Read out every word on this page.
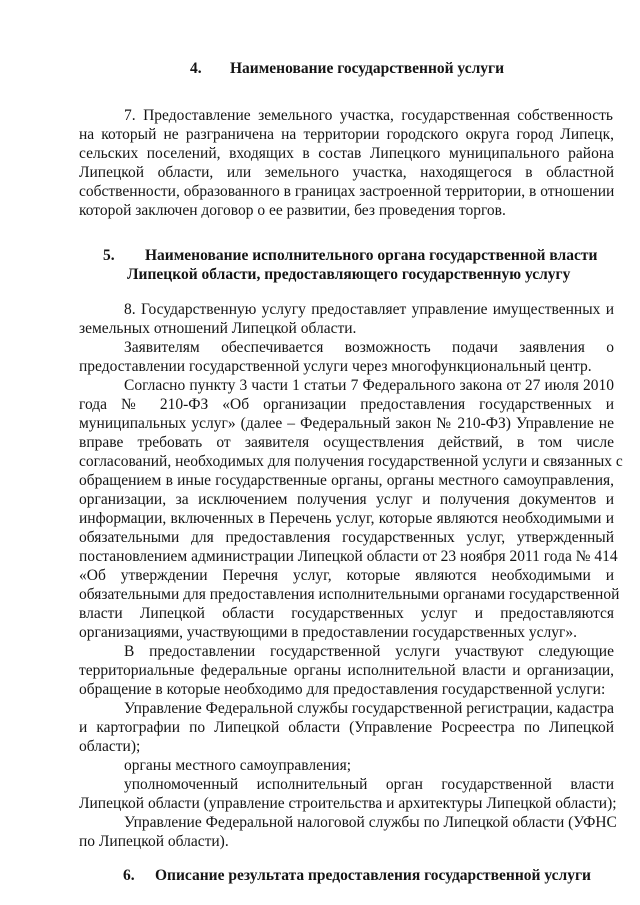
4. Наименование государственной услуги
7. Предоставление земельного участка, государственная собственность
на который не разграничена на территории городского округа город Липецк,
сельских поселений, входящих в состав Липецкого муниципального района
Липецкой области, или земельного участка, находящегося в областной
собственности, образованного в границах застроенной территории, в отношении
которой заключен договор о ее развитии, без проведения торгов.
5. Наименование исполнительного органа государственной власти
Липецкой области, предоставляющего государственную услугу
8. Государственную услугу предоставляет управление имущественных и
земельных отношений Липецкой области.
Заявителям обеспечивается возможность подачи заявления о
предоставлении государственной услуги через многофункциональный центр.
Согласно пункту 3 части 1 статьи 7 Федерального закона от 27 июля 2010
года № 210-ФЗ «Об организации предоставления государственных и
муниципальных услуг» (далее – Федеральный закон № 210-ФЗ) Управление не
вправе требовать от заявителя осуществления действий, в том числе
согласований, необходимых для получения государственной услуги и связанных с
обращением в иные государственные органы, органы местного самоуправления,
организации, за исключением получения услуг и получения документов и
информации, включенных в Перечень услуг, которые являются необходимыми и
обязательными для предоставления государственных услуг, утвержденный
постановлением администрации Липецкой области от 23 ноября 2011 года № 414
«Об утверждении Перечня услуг, которые являются необходимыми и
обязательными для предоставления исполнительными органами государственной
власти Липецкой области государственных услуг и предоставляются
организациями, участвующими в предоставлении государственных услуг».
В предоставлении государственной услуги участвуют следующие
территориальные федеральные органы исполнительной власти и организации,
обращение в которые необходимо для предоставления государственной услуги:
Управление Федеральной службы государственной регистрации, кадастра
и картографии по Липецкой области (Управление Росреестра по Липецкой
области);
органы местного самоуправления;
уполномоченный исполнительный орган государственной власти
Липецкой области (управление строительства и архитектуры Липецкой области);
Управление Федеральной налоговой службы по Липецкой области (УФНС
по Липецкой области).
6. Описание результата предоставления государственной услуги
